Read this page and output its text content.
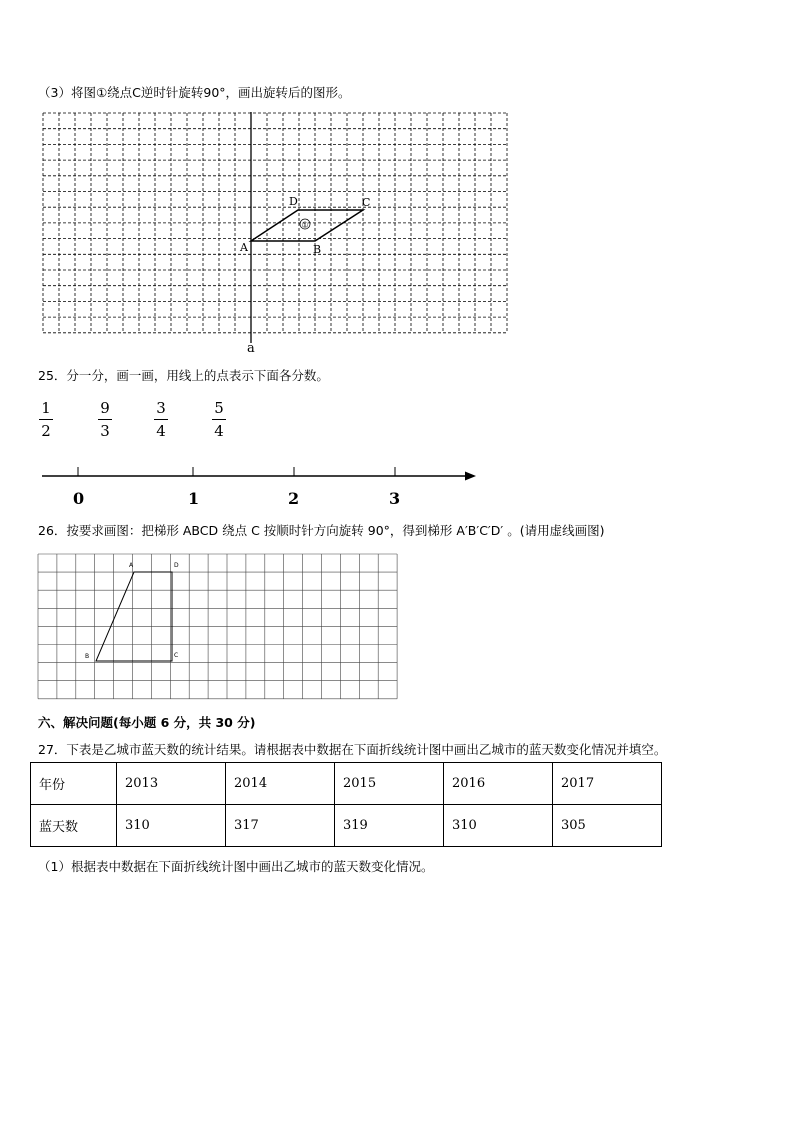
（3）将图①绕点C逆时针旋转90°，画出旋转后的图形。
①
A	B
C
D
a
25．分一分，画一画，用线上的点表示下面各分数。
1
2
9
3
3
4
5
4
0	1	2	3
26．按要求画图：把梯形 ABCD 绕点 C 按顺时针方向旋转 90°，得到梯形 A′B′C′D′ 。(请用虚线画图)
A	D
B	C
六、解决问题(每小题 6 分，共 30 分)
27．下表是乙城市蓝天数的统计结果。请根据表中数据在下面折线统计图中画出乙城市的蓝天数变化情况并填空。
年份	2013	2014	2015	2016	2017
蓝天数	310	317	319	310	305
（1）根据表中数据在下面折线统计图中画出乙城市的蓝天数变化情况。
